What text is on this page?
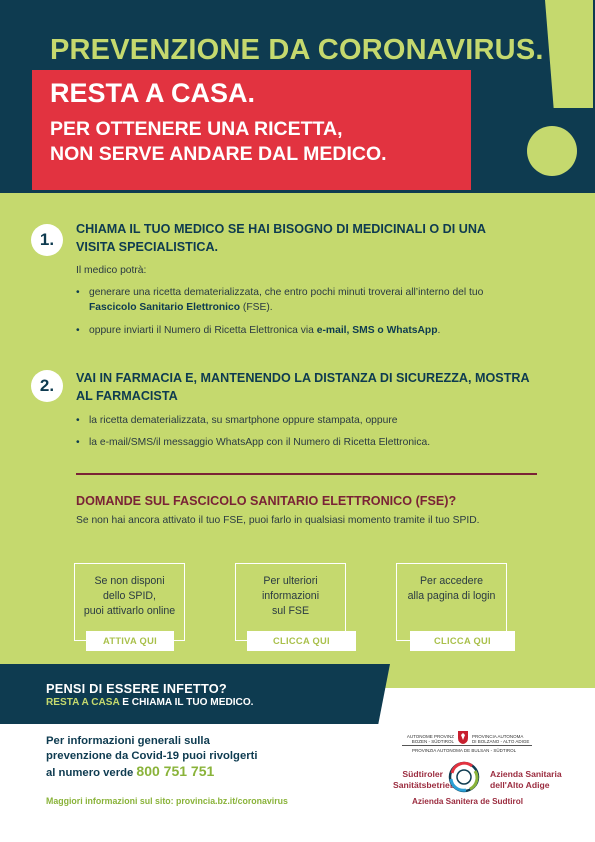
PREVENZIONE DA CORONAVIRUS.
RESTA A CASA.
PER OTTENERE UNA RICETTA,
NON SERVE ANDARE DAL MEDICO.
1.
CHIAMA IL TUO MEDICO SE HAI BISOGNO DI MEDICINALI O DI UNA
VISITA SPECIALISTICA.
Il medico potrà:
• generare una ricetta dematerializzata, che entro pochi minuti troverai all’interno del tuo
Fascicolo Sanitario Elettronico (FSE).
• oppure inviarti il Numero di Ricetta Elettronica via e-mail, SMS o WhatsApp.
2.	VAI IN FARMACIA E, MANTENENDO LA DISTANZA DI SICUREZZA, MOSTRA
AL FARMACISTA
• la ricetta dematerializzata, su smartphone oppure stampata, oppure
• la e-mail/SMS/il messaggio WhatsApp con il Numero di Ricetta Elettronica.
DOMANDE SUL FASCICOLO SANITARIO ELETTRONICO (FSE)?
Se non hai ancora attivato il tuo FSE, puoi farlo in qualsiasi momento tramite il tuo SPID.
Se non disponi
dello SPID,
puoi attivarlo online
ATTIVA QUI
Per ulteriori
informazioni
sul FSE
CLICCA QUI
Per accedere
alla pagina di login
CLICCA QUI
PENSI DI ESSERE INFETTO?
RESTA A CASA E CHIAMA IL TUO MEDICO.
Per informazioni generali sulla
prevenzione da Covid-19 puoi rivolgerti
al numero verde 800 751 751
Maggiori informazioni sul sito: provincia.bz.it/coronavirus
AUTONOME PROVINZ
BOZEN - SÜDTIROL
PROVINCIA AUTONOMA
DI BOLZANO - ALTO ADIGE
PROVINZIA AUTONOMA DE BULSAN - SÜDTIROL
Südtiroler
Sanitätsbetrieb
Azienda Sanitaria
dell'Alto Adige
Azienda Sanitera de Sudtirol
